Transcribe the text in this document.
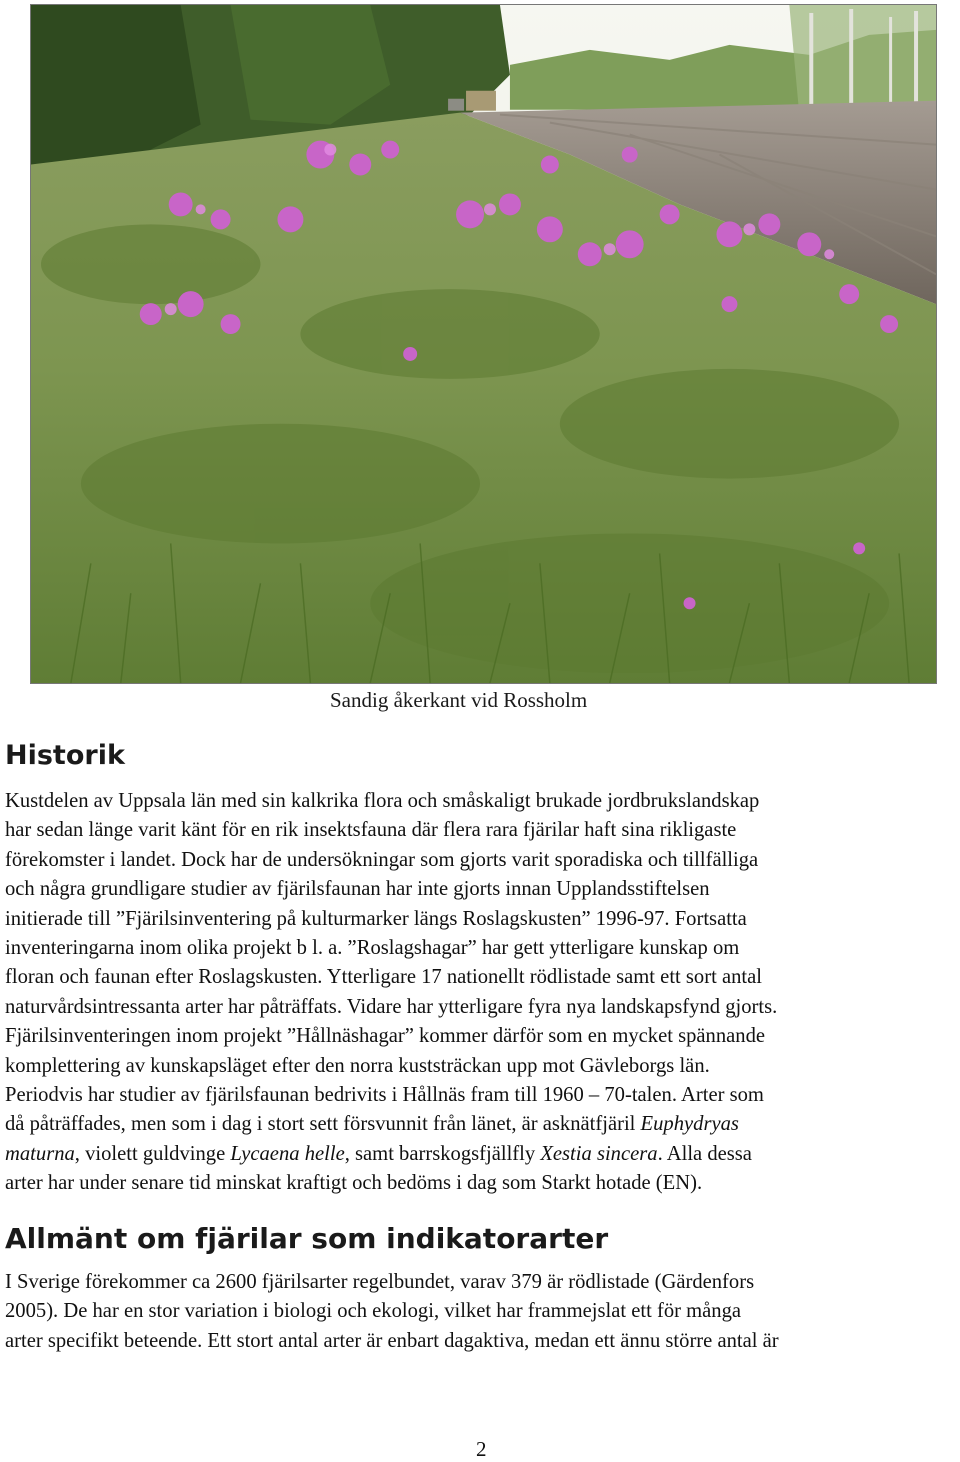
Sandig åkerkant vid Rossholm
Historik

Kustdelen av Uppsala län med sin kalkrika flora och småskaligt brukade jordbrukslandskap
har sedan länge varit känt för en rik insektsfauna där flera rara fjärilar haft sina rikligaste
förekomster i landet. Dock har de undersökningar som gjorts varit sporadiska och tillfälliga
och några grundligare studier av fjärilsfaunan har inte gjorts innan Upplandsstiftelsen
initierade till ”Fjärilsinventering på kulturmarker längs Roslagskusten” 1996-97. Fortsatta
inventeringarna inom olika projekt b l. a. ”Roslagshagar” har gett ytterligare kunskap om
floran och faunan efter Roslagskusten. Ytterligare 17 nationellt rödlistade samt ett sort antal
naturvårdsintressanta arter har påträffats. Vidare har ytterligare fyra nya landskapsfynd gjorts.
Fjärilsinventeringen inom projekt ”Hållnäshagar” kommer därför som en mycket spännande
komplettering av kunskapsläget efter den norra kuststräckan upp mot Gävleborgs län.
Periodvis har studier av fjärilsfaunan bedrivits i Hållnäs fram till 1960 – 70-talen. Arter som
då påträffades, men som i dag i stort sett försvunnit från länet, är asknätfjäril Euphydryas
maturna, violett guldvinge Lycaena helle, samt barrskogsfjällfly Xestia sincera. Alla dessa
arter har under senare tid minskat kraftigt och bedöms i dag som Starkt hotade (EN).

Allmänt om fjärilar som indikatorarter

I Sverige förekommer ca 2600 fjärilsarter regelbundet, varav 379 är rödlistade (Gärdenfors
2005). De har en stor variation i biologi och ekologi, vilket har frammejslat ett för många
arter specifikt beteende. Ett stort antal arter är enbart dagaktiva, medan ett ännu större antal är

2
